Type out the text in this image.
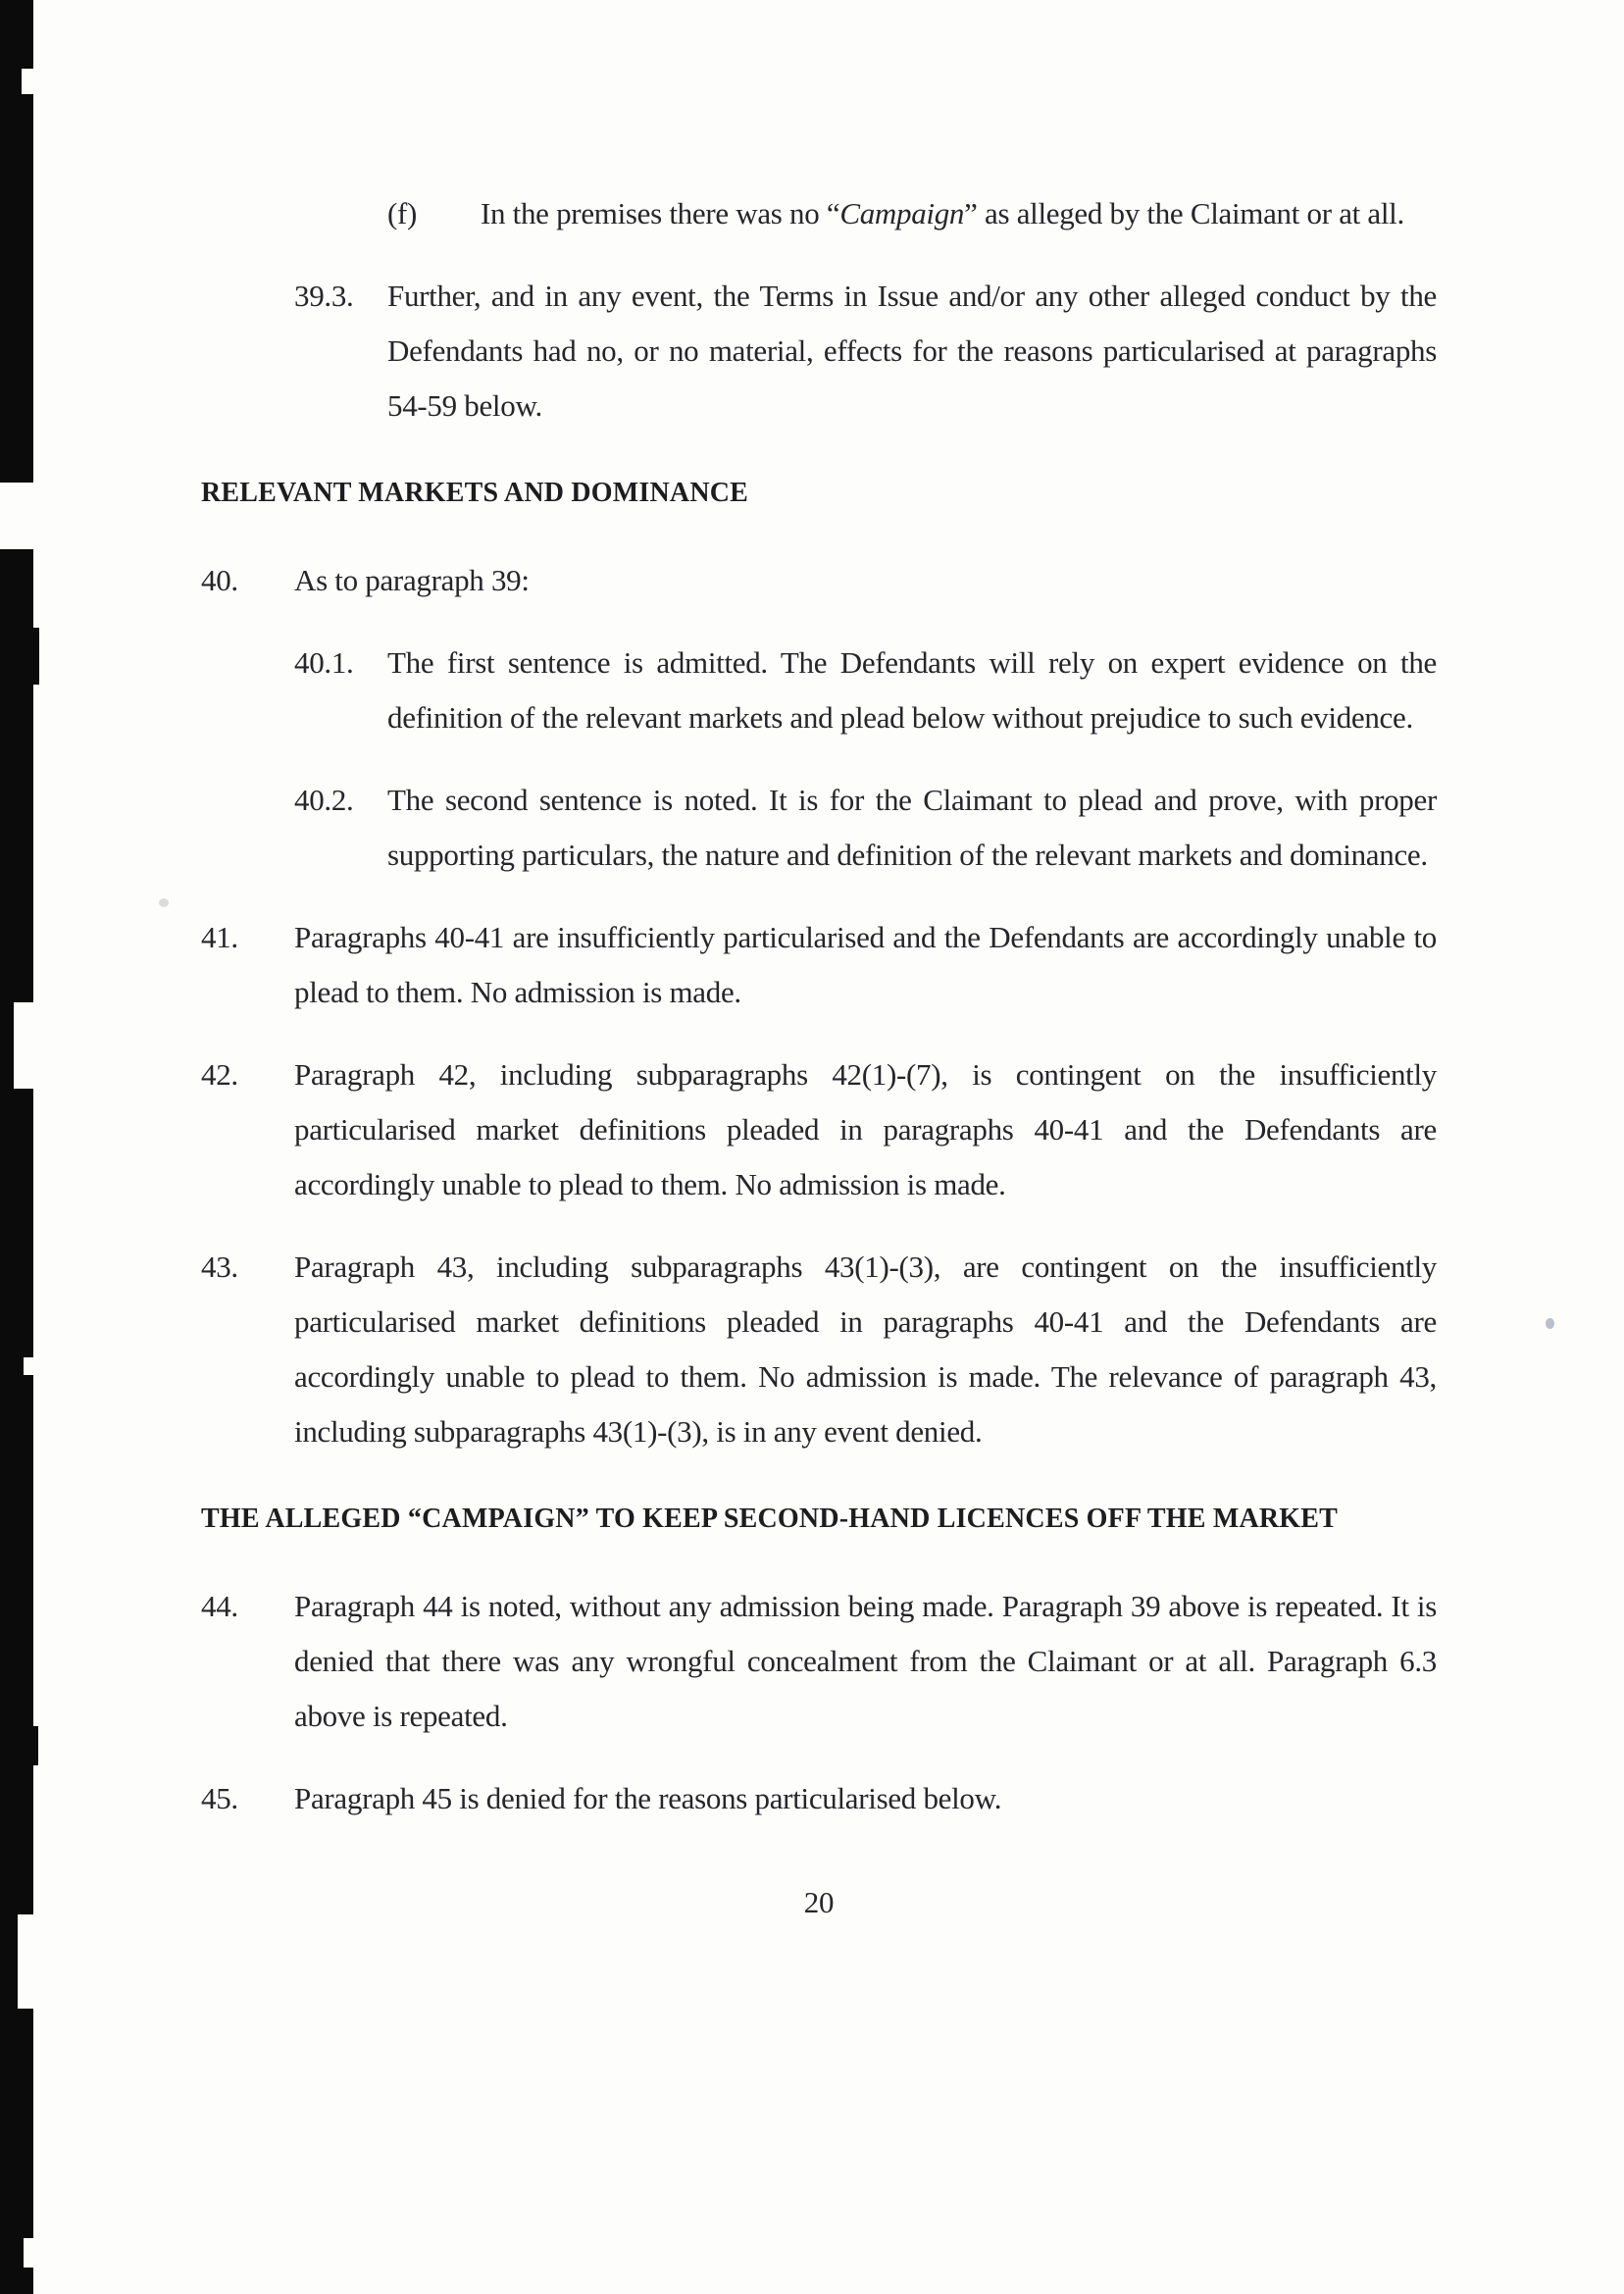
(f)	In the premises there was no “Campaign” as alleged by the Claimant or at all.
39.3.	Further, and in any event, the Terms in Issue and/or any other alleged conduct by the Defendants had no, or no material, effects for the reasons particularised at paragraphs 54-59 below.
RELEVANT MARKETS AND DOMINANCE
40.	As to paragraph 39:
40.1.	The first sentence is admitted. The Defendants will rely on expert evidence on the definition of the relevant markets and plead below without prejudice to such evidence.
40.2.	The second sentence is noted. It is for the Claimant to plead and prove, with proper supporting particulars, the nature and definition of the relevant markets and dominance.
41.	Paragraphs 40-41 are insufficiently particularised and the Defendants are accordingly unable to plead to them. No admission is made.
42.	Paragraph 42, including subparagraphs 42(1)-(7), is contingent on the insufficiently particularised market definitions pleaded in paragraphs 40-41 and the Defendants are accordingly unable to plead to them. No admission is made.
43.	Paragraph 43, including subparagraphs 43(1)-(3), are contingent on the insufficiently particularised market definitions pleaded in paragraphs 40-41 and the Defendants are accordingly unable to plead to them. No admission is made. The relevance of paragraph 43, including subparagraphs 43(1)-(3), is in any event denied.
THE ALLEGED “CAMPAIGN” TO KEEP SECOND-HAND LICENCES OFF THE MARKET
44.	Paragraph 44 is noted, without any admission being made. Paragraph 39 above is repeated. It is denied that there was any wrongful concealment from the Claimant or at all. Paragraph 6.3 above is repeated.
45.	Paragraph 45 is denied for the reasons particularised below.
20
